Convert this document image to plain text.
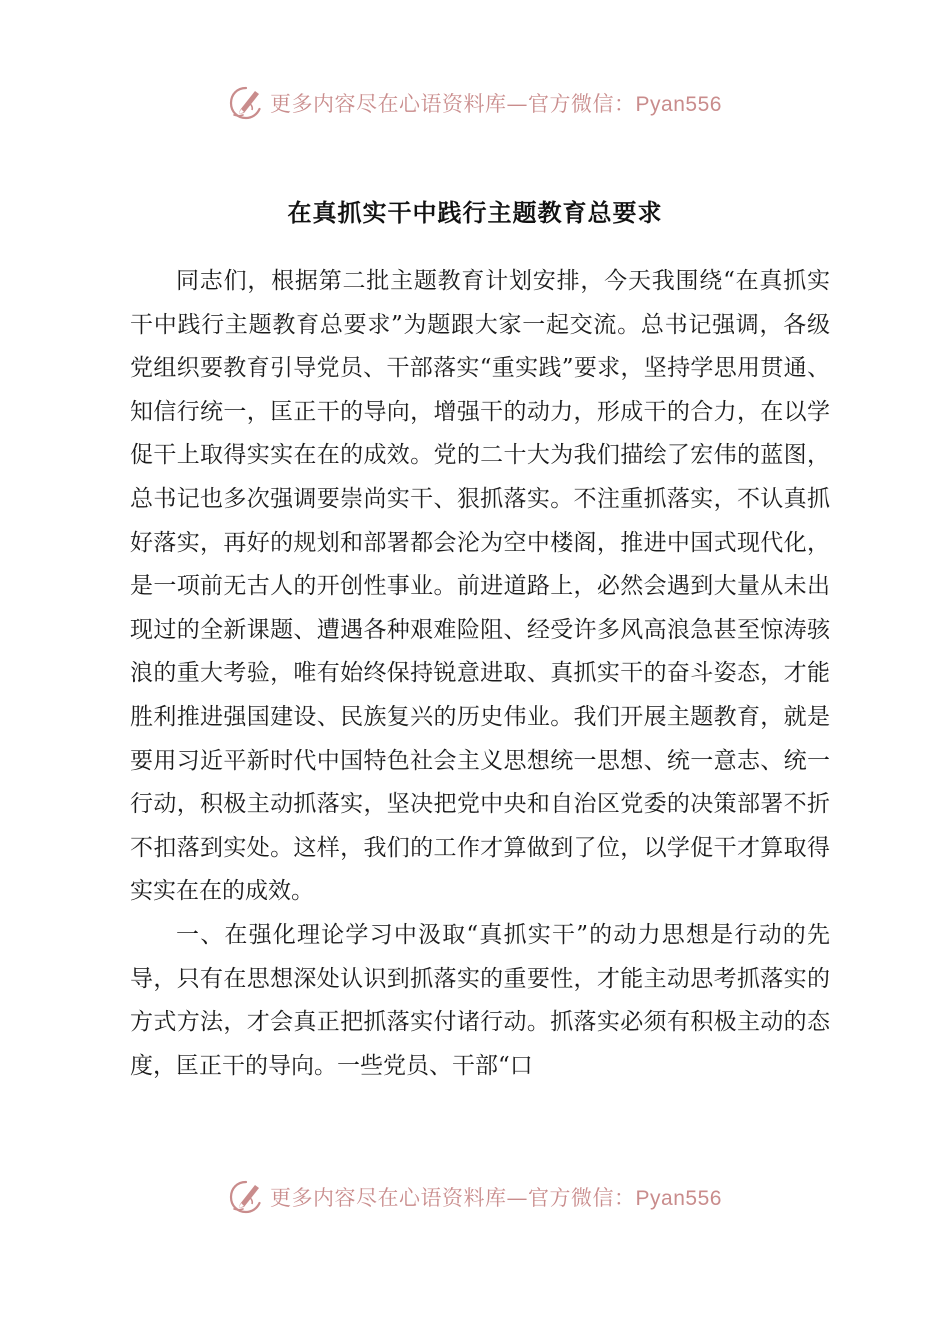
更多内容尽在心语资料库—官方微信：Pyan556
在真抓实干中践行主题教育总要求

同志们，根据第二批主题教育计划安排，今天我围绕“在真抓实干中践行主题教育总要求”为题跟大家一起交流。总书记强调，各级党组织要教育引导党员、干部落实“重实践”要求，坚持学思用贯通、知信行统一，匡正干的导向，增强干的动力，形成干的合力，在以学促干上取得实实在在的成效。党的二十大为我们描绘了宏伟的蓝图，总书记也多次强调要崇尚实干、狠抓落实。不注重抓落实，不认真抓好落实，再好的规划和部署都会沦为空中楼阁，推进中国式现代化，是一项前无古人的开创性事业。前进道路上，必然会遇到大量从未出现过的全新课题、遭遇各种艰难险阻、经受许多风高浪急甚至惊涛骇浪的重大考验，唯有始终保持锐意进取、真抓实干的奋斗姿态，才能胜利推进强国建设、民族复兴的历史伟业。我们开展主题教育，就是要用习近平新时代中国特色社会主义思想统一思想、统一意志、统一行动，积极主动抓落实，坚决把党中央和自治区党委的决策部署不折不扣落到实处。这样，我们的工作才算做到了位，以学促干才算取得实实在在的成效。

一、在强化理论学习中汲取“真抓实干”的动力思想是行动的先导，只有在思想深处认识到抓落实的重要性，才能主动思考抓落实的方式方法，才会真正把抓落实付诸行动。抓落实必须有积极主动的态度，匡正干的导向。一些党员、干部“口

更多内容尽在心语资料库—官方微信：Pyan556
